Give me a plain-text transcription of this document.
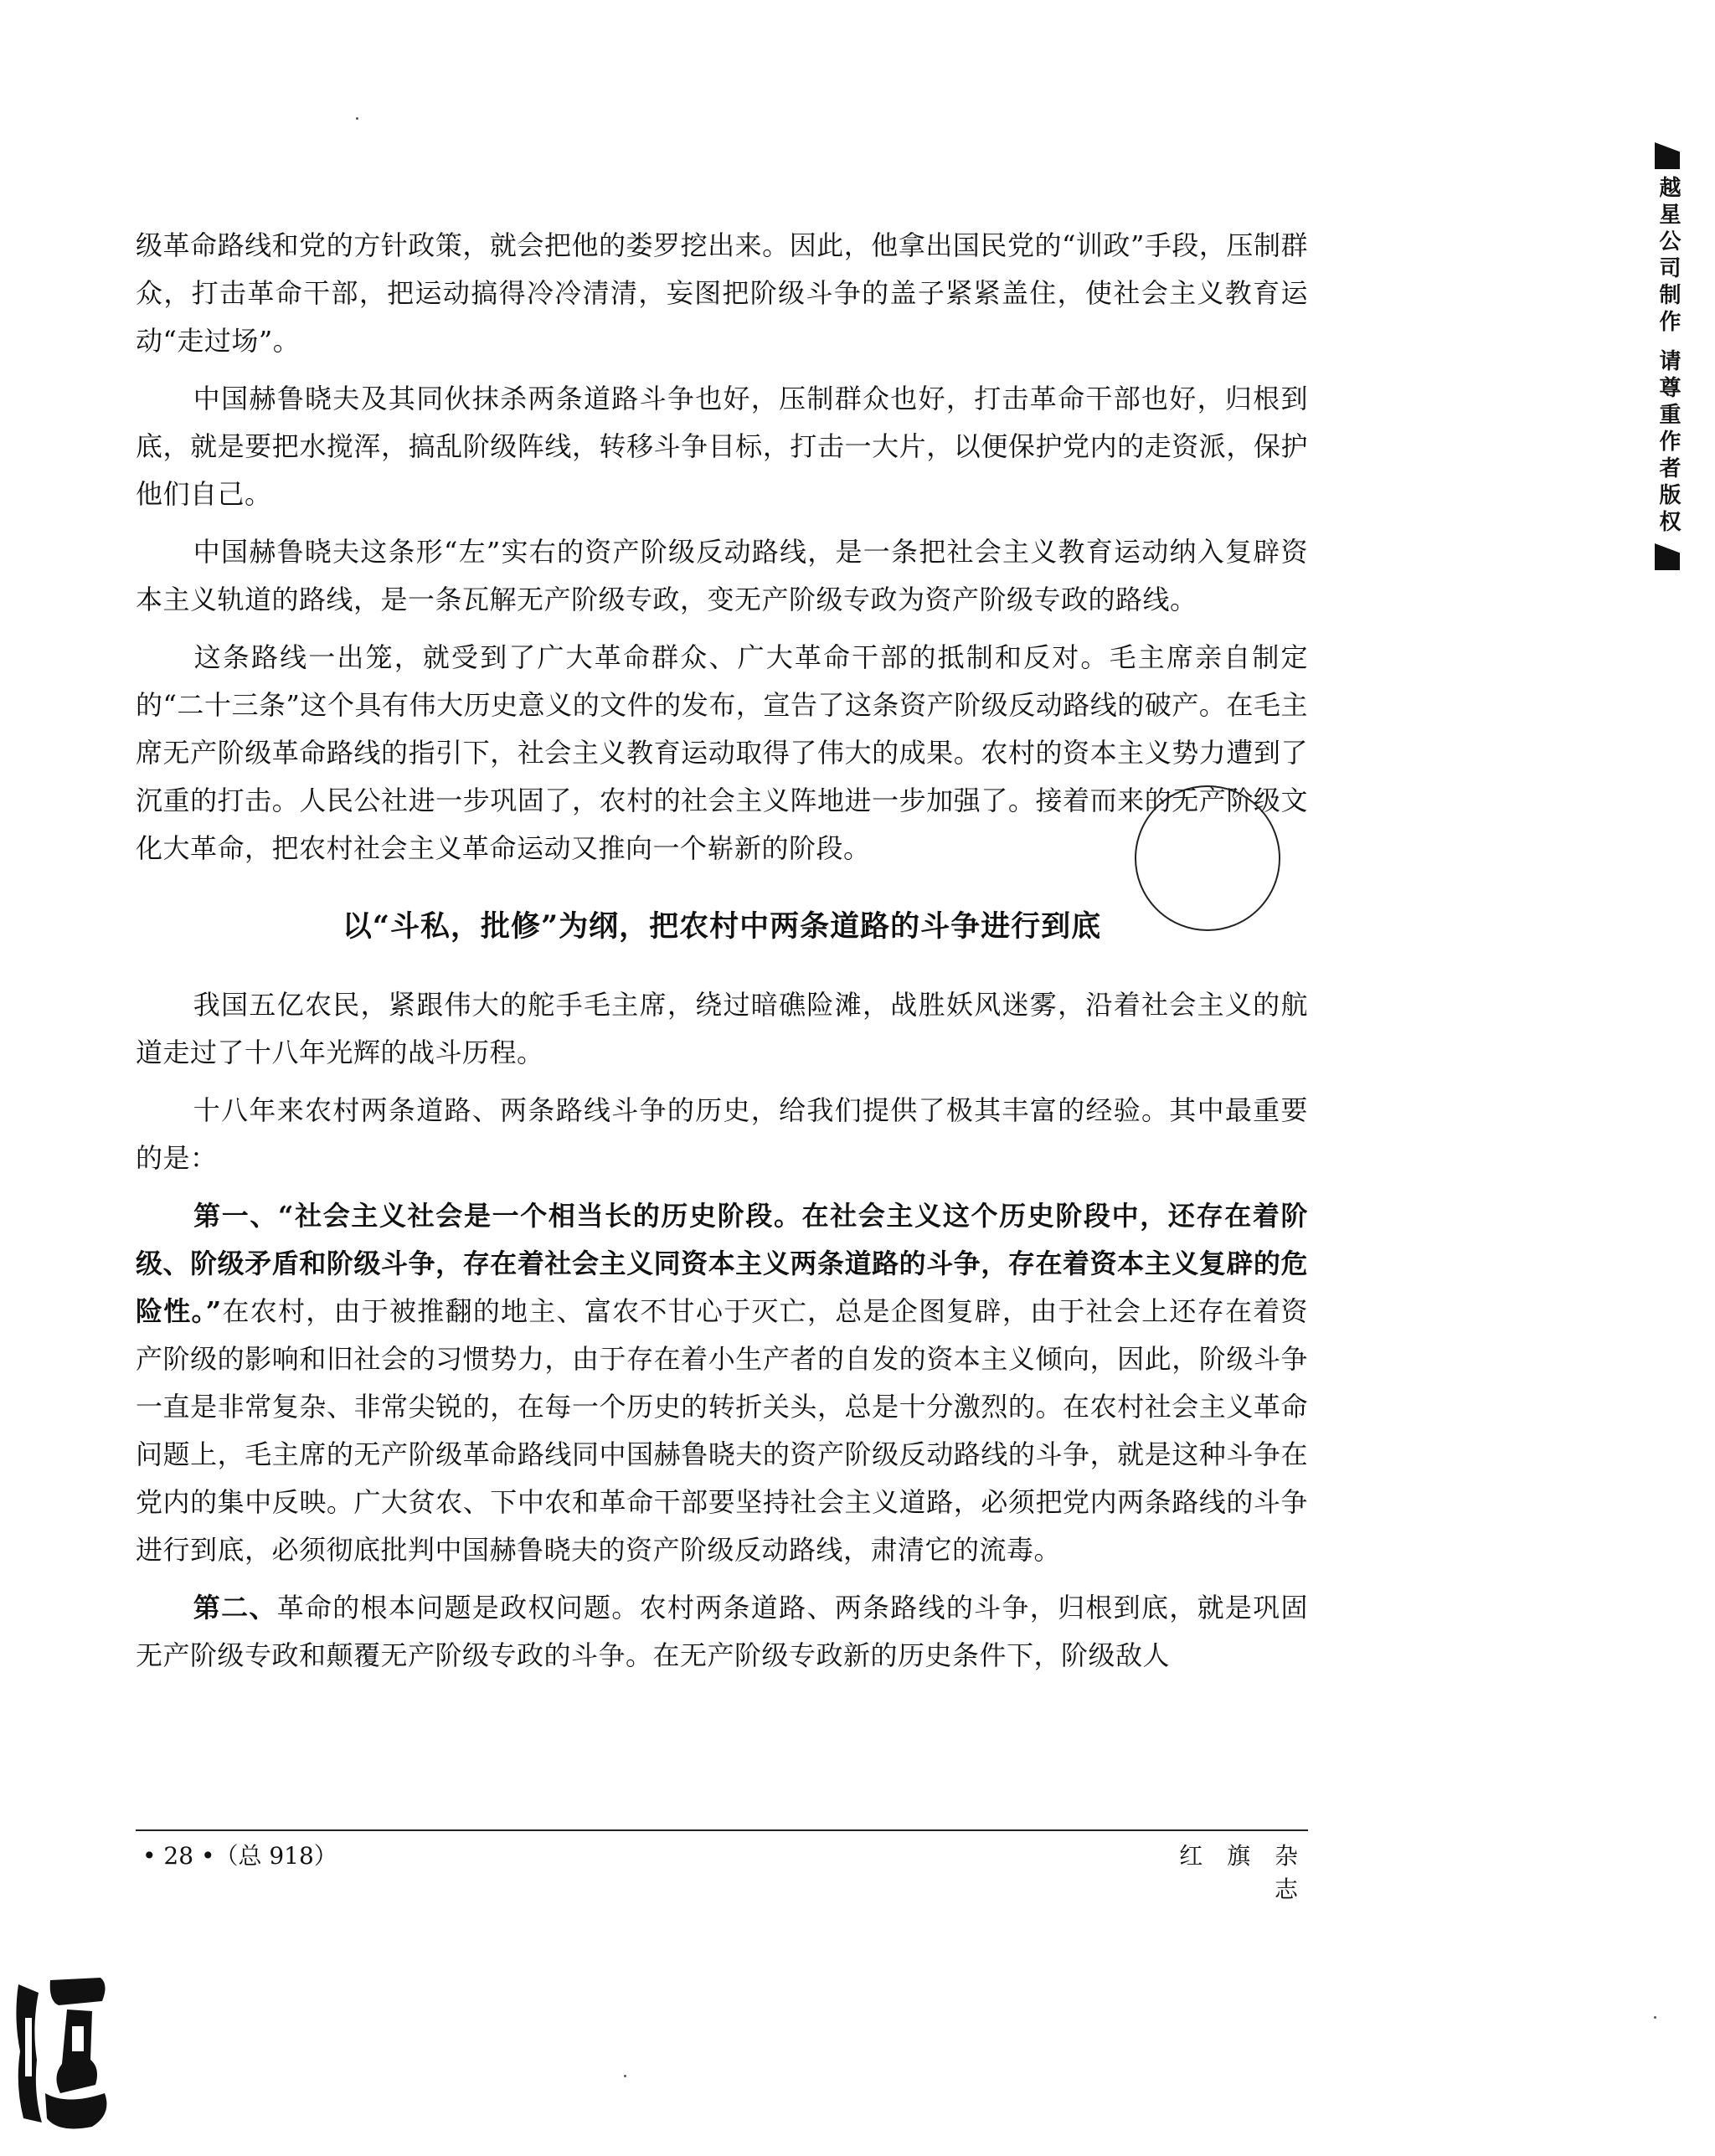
越星公司制作 请尊重作者版权

级革命路线和党的方针政策，就会把他的娄罗挖出来。因此，他拿出国民党的“训政”手段，压制群众，打击革命干部，把运动搞得冷冷清清，妄图把阶级斗争的盖子紧紧盖住，使社会主义教育运动“走过场”。

中国赫鲁晓夫及其同伙抹杀两条道路斗争也好，压制群众也好，打击革命干部也好，归根到底，就是要把水搅浑，搞乱阶级阵线，转移斗争目标，打击一大片，以便保护党内的走资派，保护他们自己。

中国赫鲁晓夫这条形“左”实右的资产阶级反动路线，是一条把社会主义教育运动纳入复辟资本主义轨道的路线，是一条瓦解无产阶级专政，变无产阶级专政为资产阶级专政的路线。

这条路线一出笼，就受到了广大革命群众、广大革命干部的抵制和反对。毛主席亲自制定的“二十三条”这个具有伟大历史意义的文件的发布，宣告了这条资产阶级反动路线的破产。在毛主席无产阶级革命路线的指引下，社会主义教育运动取得了伟大的成果。农村的资本主义势力遭到了沉重的打击。人民公社进一步巩固了，农村的社会主义阵地进一步加强了。接着而来的无产阶级文化大革命，把农村社会主义革命运动又推向一个崭新的阶段。

以“斗私，批修”为纲，把农村中两条道路的斗争进行到底

我国五亿农民，紧跟伟大的舵手毛主席，绕过暗礁险滩，战胜妖风迷雾，沿着社会主义的航道走过了十八年光辉的战斗历程。

十八年来农村两条道路、两条路线斗争的历史，给我们提供了极其丰富的经验。其中最重要的是：

第一、“社会主义社会是一个相当长的历史阶段。在社会主义这个历史阶段中，还存在着阶级、阶级矛盾和阶级斗争，存在着社会主义同资本主义两条道路的斗争，存在着资本主义复辟的危险性。”在农村，由于被推翻的地主、富农不甘心于灭亡，总是企图复辟，由于社会上还存在着资产阶级的影响和旧社会的习惯势力，由于存在着小生产者的自发的资本主义倾向，因此，阶级斗争一直是非常复杂、非常尖锐的，在每一个历史的转折关头，总是十分激烈的。在农村社会主义革命问题上，毛主席的无产阶级革命路线同中国赫鲁晓夫的资产阶级反动路线的斗争，就是这种斗争在党内的集中反映。广大贫农、下中农和革命干部要坚持社会主义道路，必须把党内两条路线的斗争进行到底，必须彻底批判中国赫鲁晓夫的资产阶级反动路线，肃清它的流毒。

第二、革命的根本问题是政权问题。农村两条道路、两条路线的斗争，归根到底，就是巩固无产阶级专政和颠覆无产阶级专政的斗争。在无产阶级专政新的历史条件下，阶级敌人

• 28 •（总 918）	红 旗 杂 志
